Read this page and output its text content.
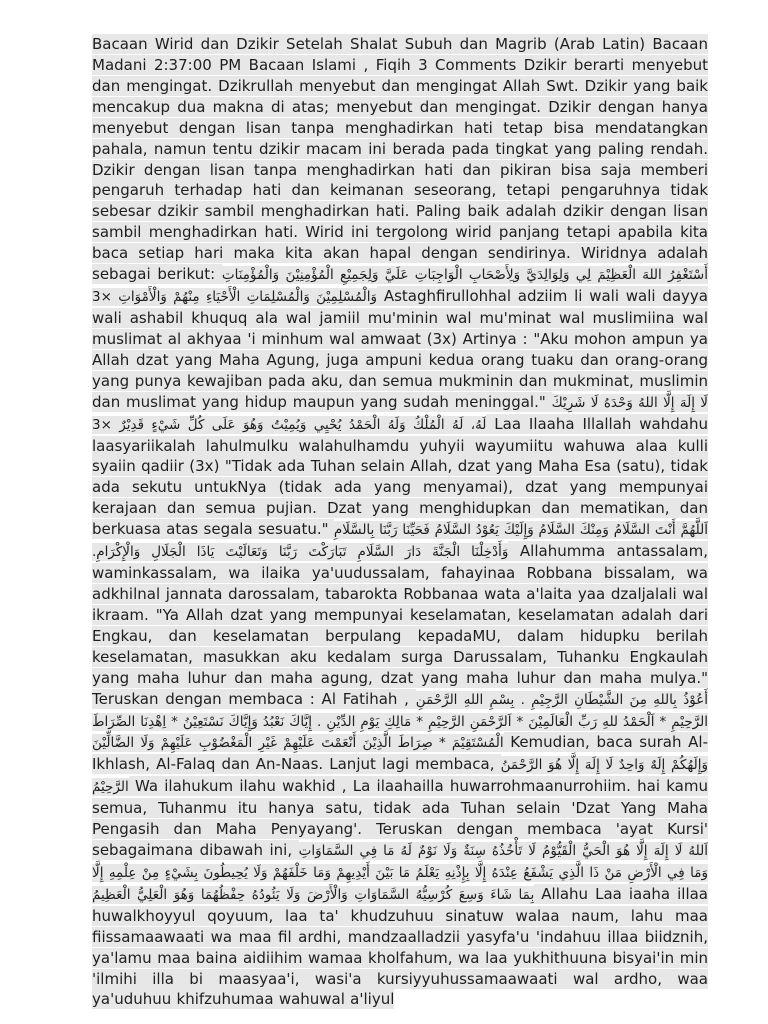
Bacaan Wirid dan Dzikir Setelah Shalat Subuh dan Magrib (Arab Latin) Bacaan Madani 2:37:00 PM Bacaan Islami , Fiqih 3 Comments Dzikir berarti menyebut dan mengingat. Dzikrullah menyebut dan mengingat Allah Swt. Dzikir yang baik mencakup dua makna di atas; menyebut dan mengingat. Dzikir dengan hanya menyebut dengan lisan tanpa menghadirkan hati tetap bisa mendatangkan pahala, namun tentu dzikir macam ini berada pada tingkat yang paling rendah. Dzikir dengan lisan tanpa menghadirkan hati dan pikiran bisa saja memberi pengaruh terhadap hati dan keimanan seseorang, tetapi pengaruhnya tidak sebesar dzikir sambil menghadirkan hati. Paling baik adalah dzikir dengan lisan sambil menghadirkan hati. Wirid ini tergolong wirid panjang tetapi apabila kita baca setiap hari maka kita akan hapal dengan sendirinya. Wiridnya adalah sebagai berikut: أَسْتَغْفِرُ اللهَ الْعَظِيْمَ لِي وَلِوَالِدَيَّ وَلِأَصْحَابِ الْوَاجِبَاتِ عَلَيَّ وَلِجَمِيْعِ الْمُؤْمِنِيْنَ وَالْمُؤْمِنَاتِ وَالْمُسْلِمِيْنَ وَالْمُسْلِمَاتِ الْأَحْيَاءِ مِنْهُمْ وَالْأَمْوَاتِ ×3 Astaghfirullohhal adziim li wali wali dayya wali ashabil khuquq ala wal jamiil mu'minin wal mu'minat wal muslimiina wal muslimat al akhyaa 'i minhum wal amwaat (3x) Artinya : "Aku mohon ampun ya Allah dzat yang Maha Agung, juga ampuni kedua orang tuaku dan orang-orang yang punya kewajiban pada aku, dan semua mukminin dan mukminat, muslimin dan muslimat yang hidup maupun yang sudah meninggal." لَا إِلَهَ إِلَّا اللهُ وَحْدَهُ لَا شَرِيْكَ لَهُ، لَهُ الْمُلْكُ وَلَهُ الْحَمْدُ يُحْيِي وَيُمِيْتُ وَهُوَ عَلَى كُلِّ شَيْءٍ قَدِيْرٌ ×3 Laa Ilaaha Illallah wahdahu laasyariikalah lahulmulku walahulhamdu yuhyii wayumiitu wahuwa alaa kulli syaiin qadiir (3x) "Tidak ada Tuhan selain Allah, dzat yang Maha Esa (satu), tidak ada sekutu untukNya (tidak ada yang menyamai), dzat yang mempunyai kerajaan dan semua pujian. Dzat yang menghidupkan dan mematikan, dan berkuasa atas segala sesuatu." اَللَّهُمَّ أَنْتَ السَّلَامُ وَمِنْكَ السَّلَامُ وَإِلَيْكَ يَعُوْدُ السَّلَامُ فَحَيِّنَا رَبَّنَا بِالسَّلَامِ وَأَدْخِلْنَا الْجَنَّةَ دَارَ السَّلَامِ تَبَارَكْتَ رَبَّنَا وَتَعَالَيْتَ يَاذَا الْجَلَالِ وَالْإِكْرَامِ. Allahumma antassalam, waminkassalam, wa ilaika ya'uudussalam, fahayinaa Robbana bissalam, wa adkhilnal jannata darossalam, tabarokta Robbanaa wata a'laita yaa dzaljalali wal ikraam. "Ya Allah dzat yang mempunyai keselamatan, keselamatan adalah dari Engkau, dan keselamatan berpulang kepadaMU, dalam hidupku berilah keselamatan, masukkan aku kedalam surga Darussalam, Tuhanku Engkaulah yang maha luhur dan maha agung, dzat yang maha luhur dan maha mulya." Teruskan dengan membaca : Al Fatihah , أَعُوْذُ بِاللهِ مِنَ الشَّيْطَانِ الرَّجِيْمِ . بِسْمِ اللهِ الرَّحْمَنِ الرَّحِيْمِ * اَلْحَمْدُ للهِ رَبِّ الْعَالَمِيْنَ * اَلرَّحْمَنِ الرَّحِيْمِ * مَالِكِ يَوْمِ الدِّيْنِ . إِيَّاكَ نَعْبُدُ وَإِيَّاكَ نَسْتَعِيْنُ * اِهْدِنَا الصِّرَاطَ الْمُسْتَقِيْمَ * صِرَاطَ الَّذِيْنَ أَنْعَمْتَ عَلَيْهِمْ غَيْرِ الْمَغْضُوْبِ عَلَيْهِمْ وَلَا الضَّالِّيْنَ Kemudian, baca surah Al-Ikhlash, Al-Falaq dan An-Naas. Lanjut lagi membaca, وَإِلَهُكُمْ إِلَهٌ وَاحِدٌ لَا إِلَهَ إِلَّا هُوَ الرَّحْمَنُ الرَّحِيْمُ Wa ilahukum ilahu wakhid , La ilaahailla huwarrohmaanurrohiim. hai kamu semua, Tuhanmu itu hanya satu, tidak ada Tuhan selain 'Dzat Yang Maha Pengasih dan Maha Penyayang'. Teruskan dengan membaca 'ayat Kursi' sebagaimana dibawah ini, اَللهُ لَا إِلَهَ إِلَّا هُوَ الْحَيُّ الْقَيُّوْمُ لَا تَأْخُذُهُ سِنَةٌ وَلَا نَوْمٌ لَهُ مَا فِي السَّمَاوَاتِ وَمَا فِي الْأَرْضِ مَنْ ذَا الَّذِي يَشْفَعُ عِنْدَهُ إِلَّا بِإِذْنِهِ يَعْلَمُ مَا بَيْنَ أَيْدِيهِمْ وَمَا خَلْفَهُمْ وَلَا يُحِيطُونَ بِشَيْءٍ مِنْ عِلْمِهِ إِلَّا بِمَا شَاءَ وَسِعَ كُرْسِيُّهُ السَّمَاوَاتِ وَالْأَرْضَ وَلَا يَئُودُهُ حِفْظُهُمَا وَهُوَ الْعَلِيُّ الْعَظِيمُ Allahu Laa iaaha illaa huwalkhoyyul qoyuum, laa ta' khudzuhuu sinatuw walaa naum, lahu maa fiissamaawaati wa maa fil ardhi, mandzaalladzii yasyfa'u 'indahuu illaa biidznih, ya'lamu maa baina aidiihim wamaa kholfahum, wa laa yukhithuuna bisyai'in min 'ilmihi illa bi maasyaa'i, wasi'a kursiyyuhussamaawaati wal ardho, waa ya'uduhuu khifzuhumaa wahuwal a'liyul
